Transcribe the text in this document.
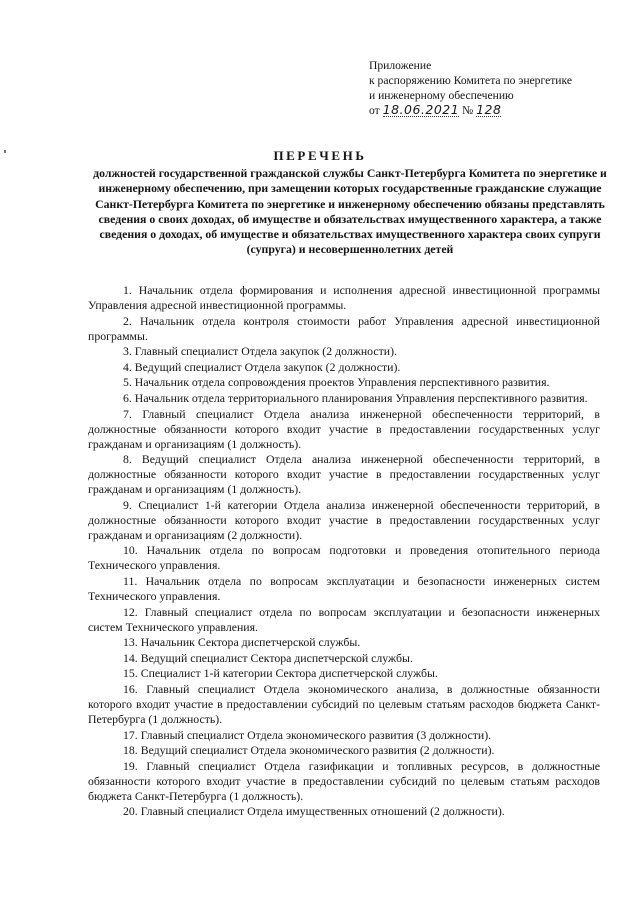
Приложение
к распоряжению Комитета по энергетике
и инженерному обеспечению
от 18.06.2021 № 128
ПЕРЕЧЕНЬ
должностей государственной гражданской службы Санкт-Петербурга Комитета по энергетике и инженерному обеспечению, при замещении которых государственные гражданские служащие Санкт-Петербурга Комитета по энергетике и инженерному обеспечению обязаны представлять сведения о своих доходах, об имуществе и обязательствах имущественного характера, а также сведения о доходах, об имуществе и обязательствах имущественного характера своих супруги (супруга) и несовершеннолетних детей

1. Начальник отдела формирования и исполнения адресной инвестиционной программы Управления адресной инвестиционной программы.

2. Начальник отдела контроля стоимости работ Управления адресной инвестиционной программы.

3. Главный специалист Отдела закупок (2 должности).

4. Ведущий специалист Отдела закупок (2 должности).

5. Начальник отдела сопровождения проектов Управления перспективного развития.

6. Начальник отдела территориального планирования Управления перспективного развития.

7. Главный специалист Отдела анализа инженерной обеспеченности территорий, в должностные обязанности которого входит участие в предоставлении государственных услуг гражданам и организациям (1 должность).

8. Ведущий специалист Отдела анализа инженерной обеспеченности территорий, в должностные обязанности которого входит участие в предоставлении государственных услуг гражданам и организациям (1 должность).

9. Специалист 1-й категории Отдела анализа инженерной обеспеченности территорий, в должностные обязанности которого входит участие в предоставлении государственных услуг гражданам и организациям (2 должности).

10. Начальник отдела по вопросам подготовки и проведения отопительного периода Технического управления.

11. Начальник отдела по вопросам эксплуатации и безопасности инженерных систем Технического управления.

12. Главный специалист отдела по вопросам эксплуатации и безопасности инженерных систем Технического управления.

13. Начальник Сектора диспетчерской службы.

14. Ведущий специалист Сектора диспетчерской службы.

15. Специалист 1-й категории Сектора диспетчерской службы.

16. Главный специалист Отдела экономического анализа, в должностные обязанности которого входит участие в предоставлении субсидий по целевым статьям расходов бюджета Санкт-Петербурга (1 должность).

17. Главный специалист Отдела экономического развития (3 должности).

18. Ведущий специалист Отдела экономического развития (2 должности).

19. Главный специалист Отдела газификации и топливных ресурсов, в должностные обязанности которого входит участие в предоставлении субсидий по целевым статьям расходов бюджета Санкт-Петербурга (1 должность).

20. Главный специалист Отдела имущественных отношений (2 должности).
